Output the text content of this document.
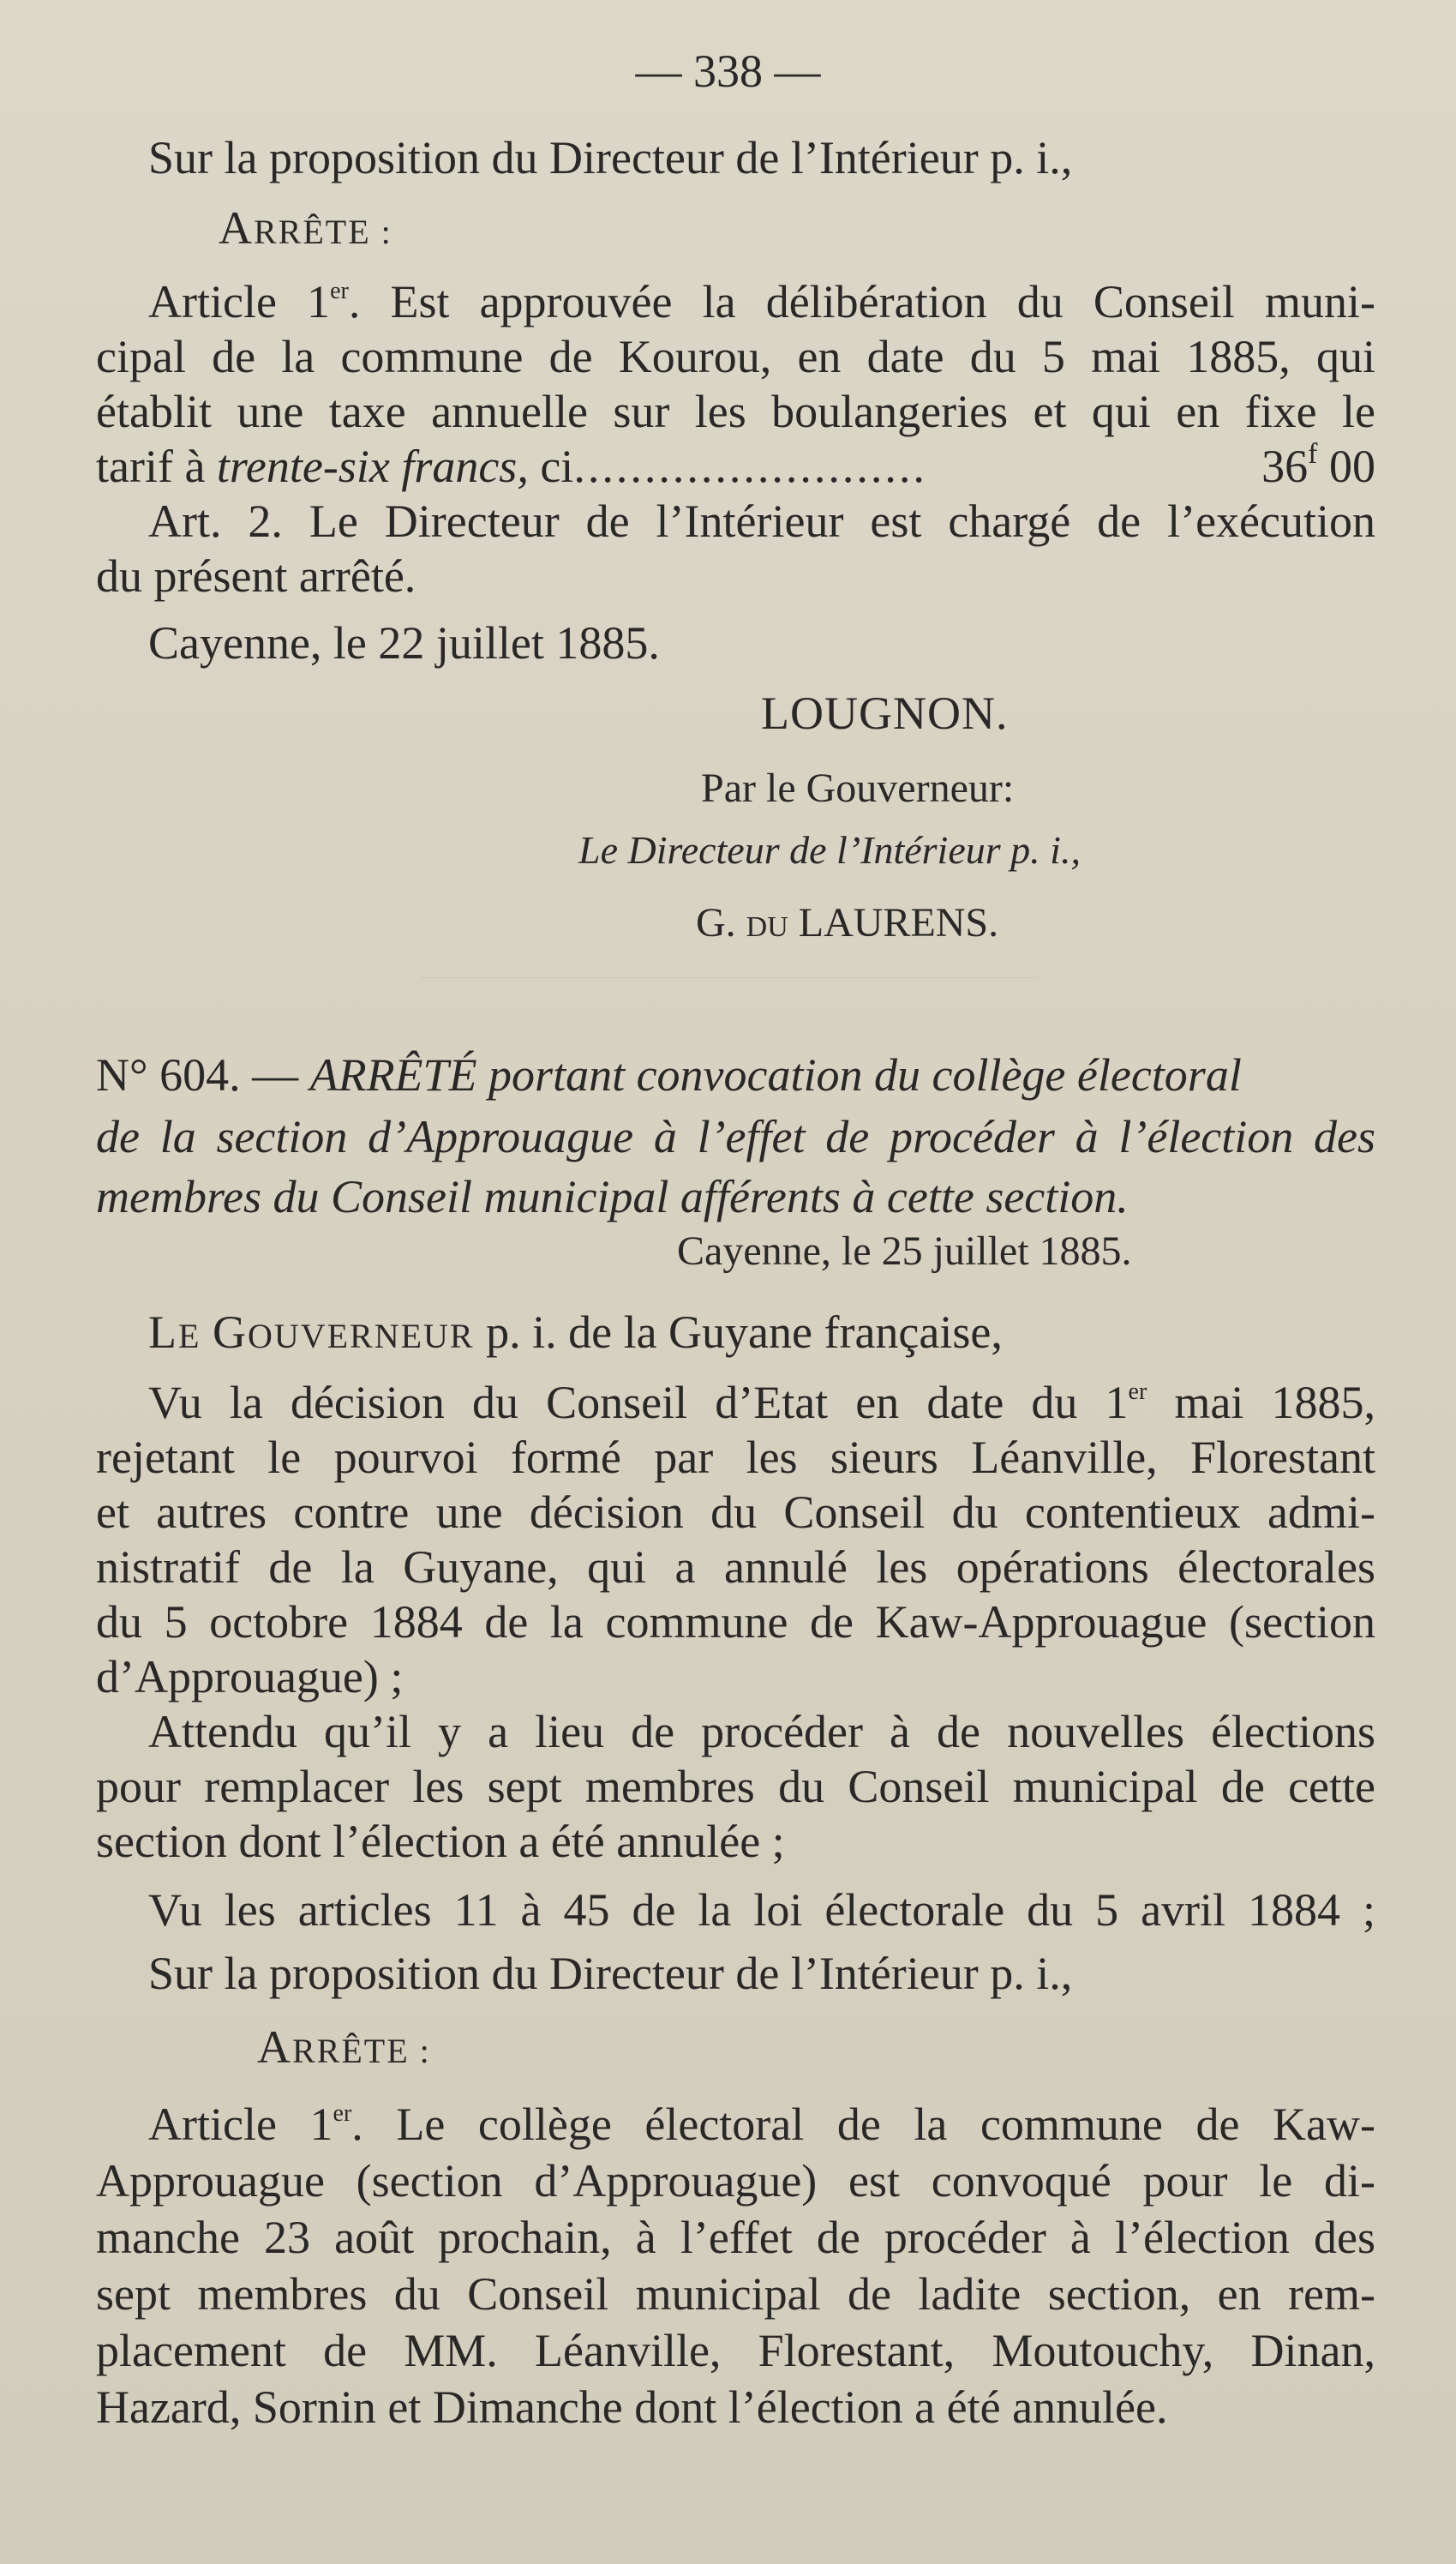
— 338 —
Sur la proposition du Directeur de l’Intérieur p. i.,
ARRÊTE :
Article 1er. Est approuvée la délibération du Conseil muni-
cipal de la commune de Kourou, en date du 5 mai 1885, qui
établit une taxe annuelle sur les boulangeries et qui en fixe le
tarif à trente-six francs, ci.........................	36$^f$ 00
Art. 2. Le Directeur de l’Intérieur est chargé de l’exécution
du présent arrêté.
Cayenne, le 22 juillet 1885.
LOUGNON.
Par le Gouverneur:
Le Directeur de l’Intérieur p. i.,
G. DU LAURENS.
N° 604. — ARRÊTÉ portant convocation du collège électoral
de la section d’Approuague à l’effet de procéder à l’élection des
membres du Conseil municipal afférents à cette section.
Cayenne, le 25 juillet 1885.
LE GOUVERNEUR p. i. de la Guyane française,
Vu la décision du Conseil d’Etat en date du 1er mai 1885,
rejetant le pourvoi formé par les sieurs Léanville, Florestant
et autres contre une décision du Conseil du contentieux admi-
nistratif de la Guyane, qui a annulé les opérations électorales
du 5 octobre 1884 de la commune de Kaw-Approuague (section
d’Approuague) ;
Attendu qu’il y a lieu de procéder à de nouvelles élections
pour remplacer les sept membres du Conseil municipal de cette
section dont l’élection a été annulée ;
Vu les articles 11 à 45 de la loi électorale du 5 avril 1884 ;
Sur la proposition du Directeur de l’Intérieur p. i.,
ARRÊTE :
Article 1er. Le collège électoral de la commune de Kaw-
Approuague (section d’Approuague) est convoqué pour le di-
manche 23 août prochain, à l’effet de procéder à l’élection des
sept membres du Conseil municipal de ladite section, en rem-
placement de MM. Léanville, Florestant, Moutouchy, Dinan,
Hazard, Sornin et Dimanche dont l’élection a été annulée.
